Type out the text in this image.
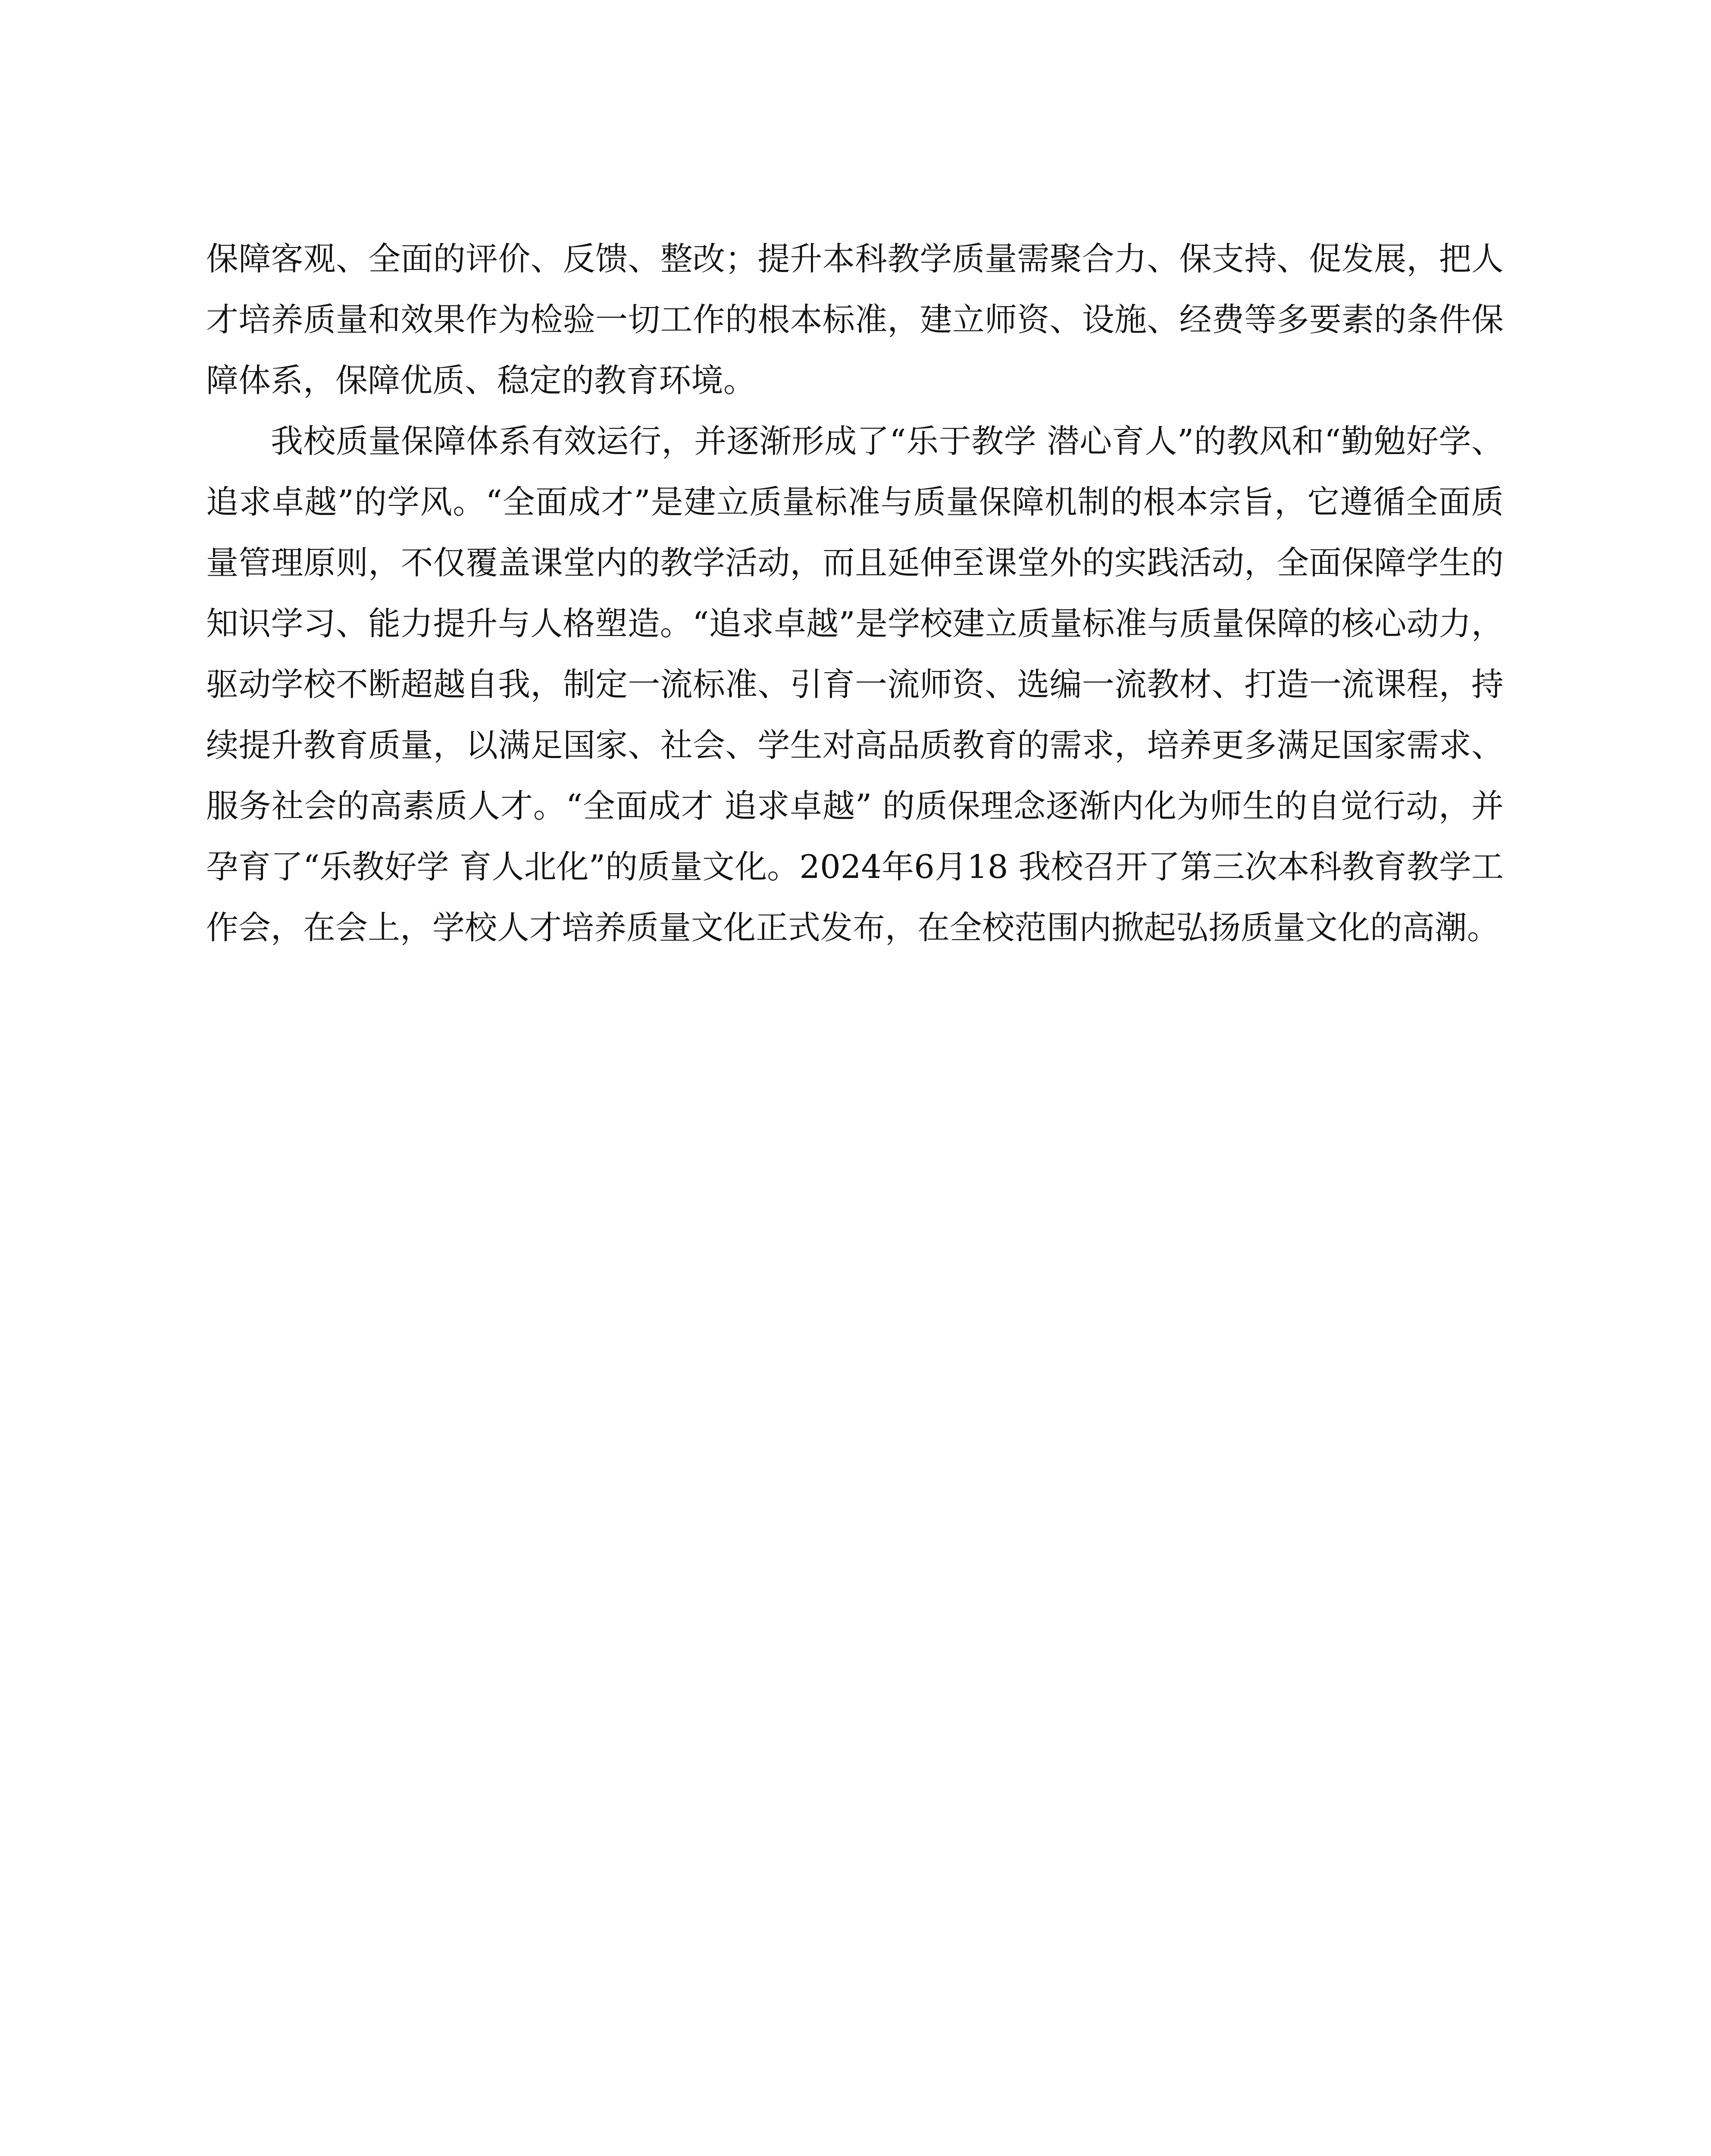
保障客观、全面的评价、反馈、整改；提升本科教学质量需聚合力、保支持、促发展，把人才培养质量和效果作为检验一切工作的根本标准，建立师资、设施、经费等多要素的条件保障体系，保障优质、稳定的教育环境。

我校质量保障体系有效运行，并逐渐形成了“乐于教学 潜心育人”的教风和“勤勉好学、追求卓越”的学风。“全面成才”是建立质量标准与质量保障机制的根本宗旨，它遵循全面质量管理原则，不仅覆盖课堂内的教学活动，而且延伸至课堂外的实践活动，全面保障学生的知识学习、能力提升与人格塑造。“追求卓越”是学校建立质量标准与质量保障的核心动力，驱动学校不断超越自我，制定一流标准、引育一流师资、选编一流教材、打造一流课程，持续提升教育质量，以满足国家、社会、学生对高品质教育的需求，培养更多满足国家需求、服务社会的高素质人才。“全面成才 追求卓越” 的质保理念逐渐内化为师生的自觉行动，并孕育了“乐教好学 育人北化”的质量文化。2024年6月18 我校召开了第三次本科教育教学工作会，在会上，学校人才培养质量文化正式发布，在全校范围内掀起弘扬质量文化的高潮。
